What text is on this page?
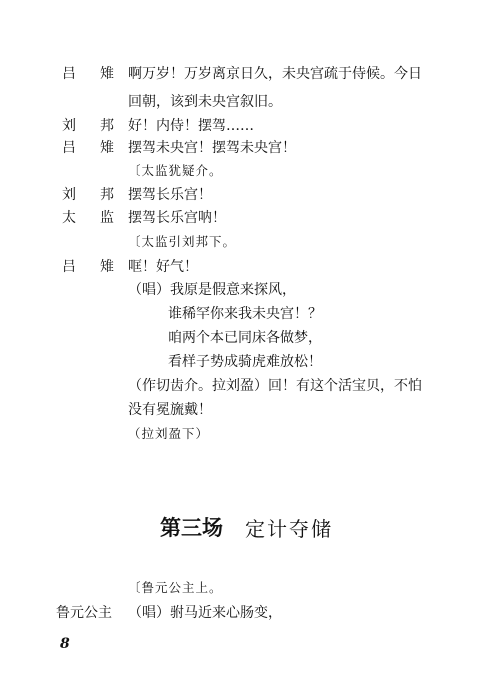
吕 雉 啊万岁！万岁离京日久，未央宫疏于侍候。今日
回朝，该到未央宫叙旧。
刘 邦 好！内侍！摆驾……
吕 雉 摆驾未央宫！摆驾未央宫！
〔太监犹疑介。
刘 邦 摆驾长乐宫！
太 监 摆驾长乐宫呐！
〔太监引刘邦下。
吕 雉 哐！好气！
（唱）我原是假意来探风，
谁稀罕你来我未央宫！？
咱两个本已同床各做梦，
看样子势成骑虎难放松！
（作切齿介。拉刘盈）回！有这个活宝贝，不怕
没有冕旒戴！
（拉刘盈下）
第三场 定计夺储
〔鲁元公主上。
鲁元公主 （唱）驸马近来心肠变，
8
